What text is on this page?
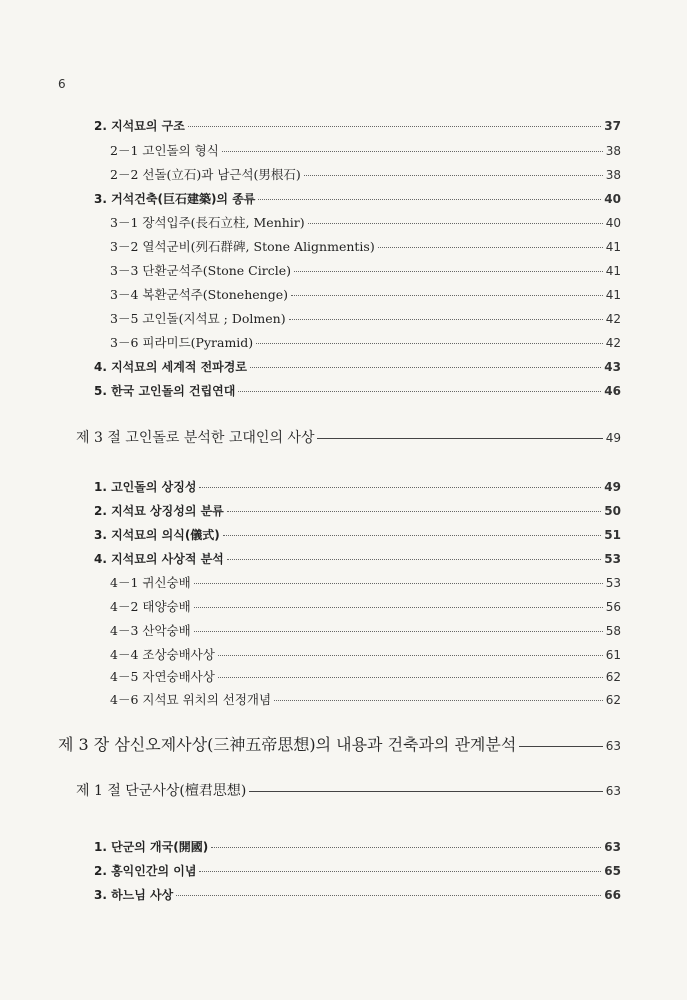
6
2. 지석묘의 구조	37
2－1 고인돌의 형식	38
2－2 선돌(立石)과 남근석(男根石)	38
3. 거석건축(巨石建築)의 종류	40
3－1 장석입주(長石立柱, Menhir)	40
3－2 열석군비(列石群碑, Stone Alignmentis)	41
3－3 단환군석주(Stone Circle)	41
3－4 복환군석주(Stonehenge)	41
3－5 고인돌(지석묘 ; Dolmen)	42
3－6 피라미드(Pyramid)	42
4. 지석묘의 세계적 전파경로	43
5. 한국 고인돌의 건립연대	46
제 3 절 고인돌로 분석한 고대인의 사상	49
1. 고인돌의 상징성	49
2. 지석묘 상징성의 분류	50
3. 지석묘의 의식(儀式)	51
4. 지석묘의 사상적 분석	53
4－1 귀신숭배	53
4－2 태양숭배	56
4－3 산악숭배	58
4－4 조상숭배사상	61
4－5 자연숭배사상	62
4－6 지석묘 위치의 선정개념	62
제 3 장 삼신오제사상(三神五帝思想)의 내용과 건축과의 관계분석	63
제 1 절 단군사상(檀君思想)	63
1. 단군의 개국(開國)	63
2. 홍익인간의 이념	65
3. 하느님 사상	66
